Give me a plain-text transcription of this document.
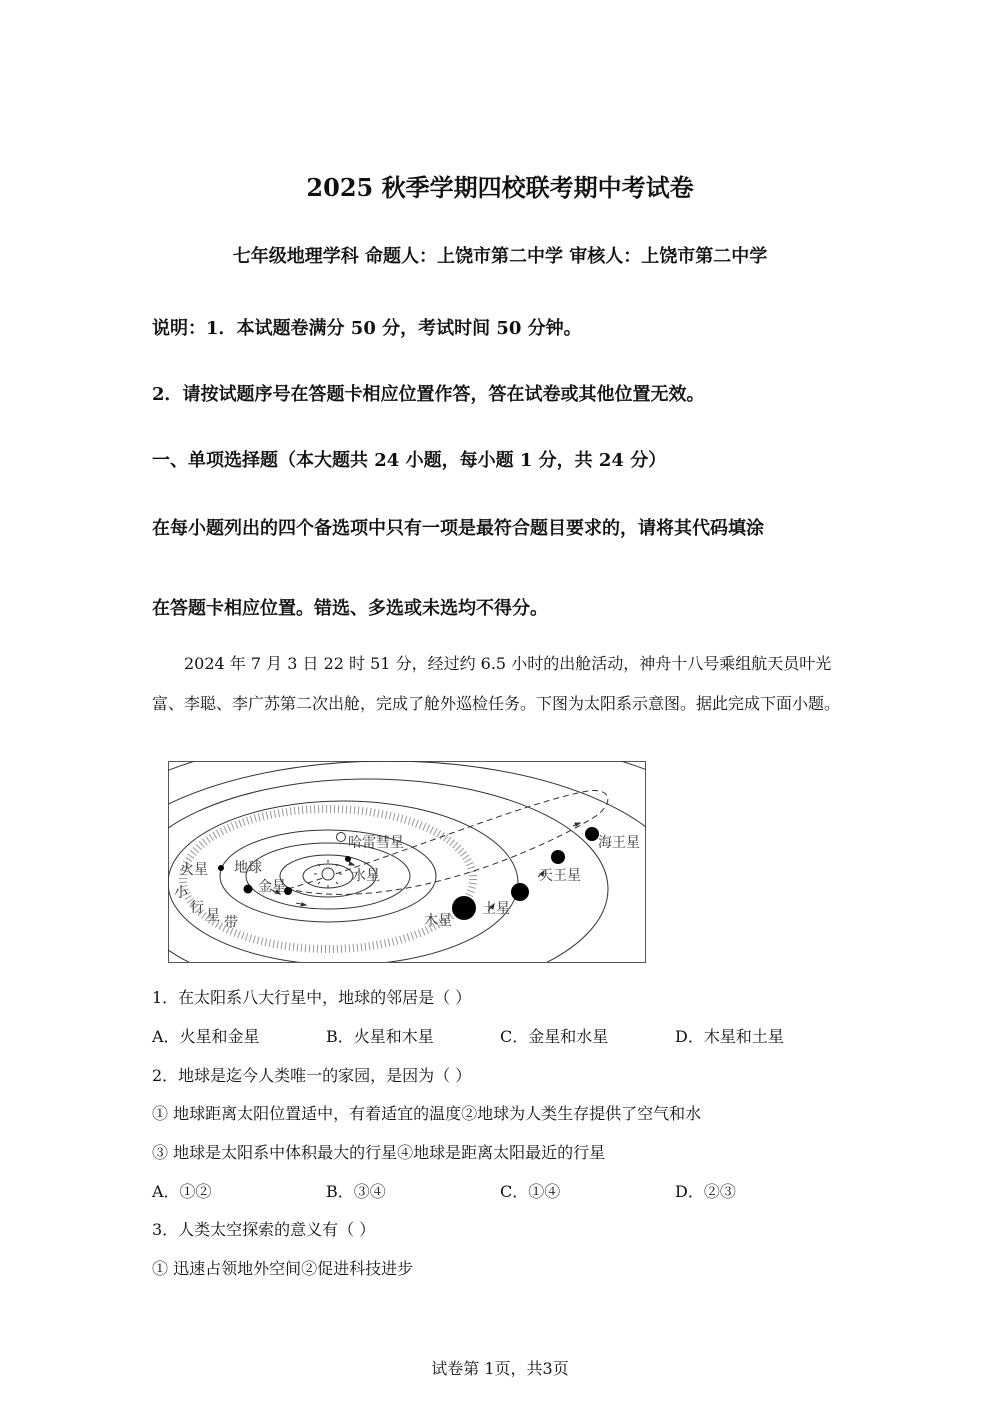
2025 秋季学期四校联考期中考试卷
七年级地理学科 命题人：上饶市第二中学 审核人：上饶市第二中学
说明：1．本试题卷满分 50 分，考试时间 50 分钟。
2．请按试题序号在答题卡相应位置作答，答在试卷或其他位置无效。
一、单项选择题（本大题共 24 小题，每小题 1 分，共 24 分）
在每小题列出的四个备选项中只有一项是最符合题目要求的，请将其代码填涂
在答题卡相应位置。错选、多选或未选均不得分。
2024 年 7 月 3 日 22 时 51 分，经过约 6.5 小时的出舱活动，神舟十八号乘组航天员叶光富、李聪、李广苏第二次出舱，完成了舱外巡检任务。下图为太阳系示意图。据此完成下面小题。
哈雷彗星	海王星
火星 地球	水星	天王星
金星
小
行 星 带
土星
木星
1．在太阳系八大行星中，地球的邻居是（ ）
A．火星和金星	B．火星和木星	C．金星和水星	D．木星和土星
2．地球是迄今人类唯一的家园，是因为（ ）
① 地球距离太阳位置适中，有着适宜的温度②地球为人类生存提供了空气和水
③ 地球是太阳系中体积最大的行星④地球是距离太阳最近的行星
A．①②	B．③④	C．①④	D．②③
3．人类太空探索的意义有（ ）
① 迅速占领地外空间②促进科技进步
试卷第 1页，共3页
